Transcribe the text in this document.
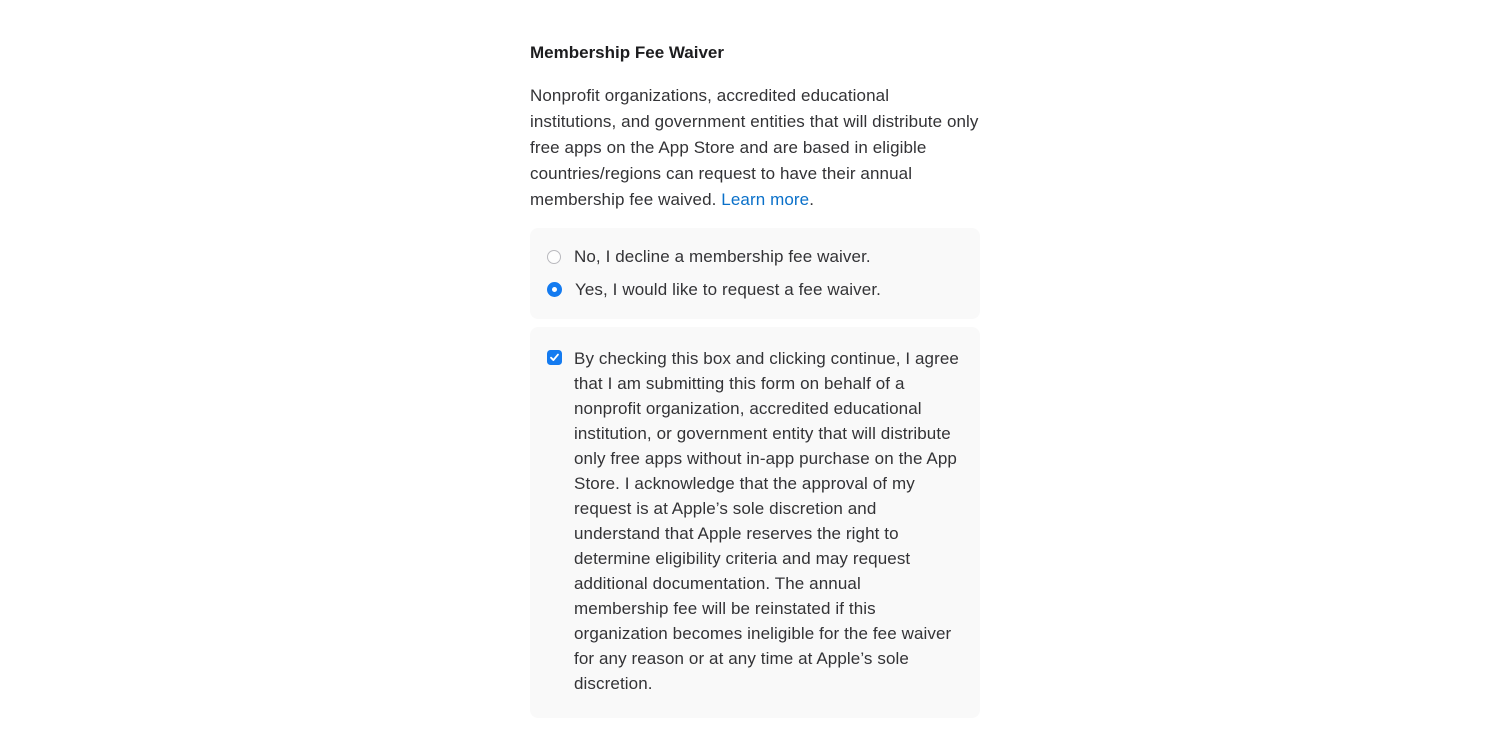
Membership Fee Waiver

Nonprofit organizations, accredited educational institutions, and government entities that will distribute only free apps on the App Store and are based in eligible countries/regions can request to have their annual membership fee waived. Learn more.

No, I decline a membership fee waiver.
Yes, I would like to request a fee waiver.
By checking this box and clicking continue, I agree that I am submitting this form on behalf of a nonprofit organization, accredited educational institution, or government entity that will distribute only free apps without in-app purchase on the App Store. I acknowledge that the approval of my request is at Apple’s sole discretion and understand that Apple reserves the right to determine eligibility criteria and may request additional documentation. The annual membership fee will be reinstated if this organization becomes ineligible for the fee waiver for any reason or at any time at Apple’s sole discretion.
